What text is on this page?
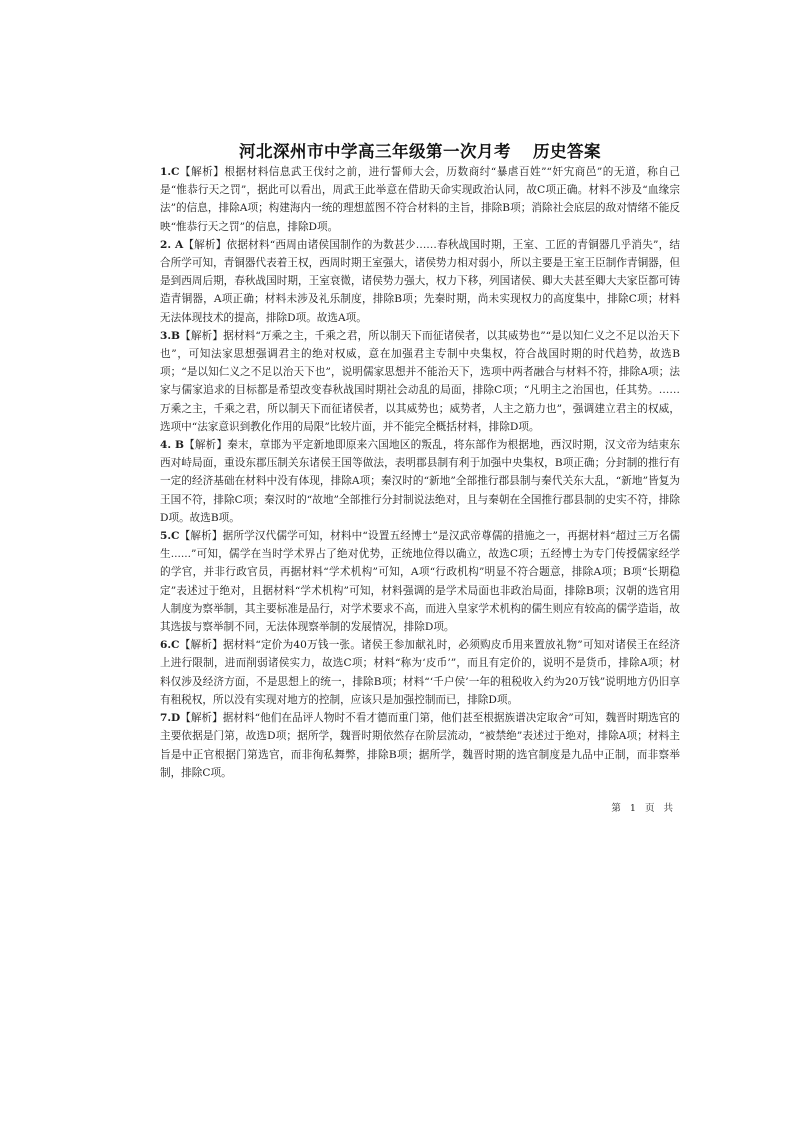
河北深州市中学高三年级第一次月考 历史答案

1.C【解析】根据材料信息武王伐纣之前，进行誓师大会，历数商纣“暴虐百姓”“奸宄商邑”的无道，称自己是“惟恭行天之罚”，据此可以看出，周武王此举意在借助天命实现政治认同，故C项正确。材料不涉及“血缘宗法”的信息，排除A项；构建海内一统的理想蓝图不符合材料的主旨，排除B项；消除社会底层的敌对情绪不能反映“惟恭行天之罚”的信息，排除D项。

2. A【解析】依据材料“西周由诸侯国制作的为数甚少……春秋战国时期，王室、工匠的青铜器几乎消失”，结合所学可知，青铜器代表着王权，西周时期王室强大，诸侯势力相对弱小，所以主要是王室王臣制作青铜器，但是到西周后期，春秋战国时期，王室衰微，诸侯势力强大，权力下移，列国诸侯、卿大夫甚至卿大夫家臣都可铸造青铜器，A项正确；材料未涉及礼乐制度，排除B项；先秦时期，尚未实现权力的高度集中，排除C项；材料无法体现技术的提高，排除D项。故选A项。

3.B【解析】据材料“万乘之主，千乘之君，所以制天下而征诸侯者，以其威势也”“是以知仁义之不足以治天下也”，可知法家思想强调君主的绝对权威，意在加强君主专制中央集权，符合战国时期的时代趋势，故选B项；“是以知仁义之不足以治天下也”，说明儒家思想并不能治天下，选项中两者融合与材料不符，排除A项；法家与儒家追求的目标都是希望改变春秋战国时期社会动乱的局面，排除C项；“凡明主之治国也，任其势。……万乘之主，千乘之君，所以制天下而征诸侯者，以其威势也；威势者，人主之筋力也”，强调建立君主的权威，选项中“法家意识到教化作用的局限”比较片面，并不能完全概括材料，排除D项。

4. B【解析】秦末，章邯为平定新地即原来六国地区的叛乱，将东部作为根据地，西汉时期，汉文帝为结束东西对峙局面，重设东郡压制关东诸侯王国等做法，表明郡县制有利于加强中央集权，B项正确；分封制的推行有一定的经济基础在材料中没有体现，排除A项；秦汉时的“新地”全部推行郡县制与秦代关东大乱，“新地”皆复为王国不符，排除C项；秦汉时的“故地”全部推行分封制说法绝对，且与秦朝在全国推行郡县制的史实不符，排除D项。故选B项。

5.C【解析】据所学汉代儒学可知，材料中“设置五经博士”是汉武帝尊儒的措施之一，再据材料“超过三万名儒生......”可知，儒学在当时学术界占了绝对优势，正统地位得以确立，故选C项；五经博士为专门传授儒家经学的学官，并非行政官员，再据材料“学术机构”可知，A项“行政机构”明显不符合题意，排除A项；B项“长期稳定”表述过于绝对，且据材料“学术机构”可知，材料强调的是学术局面也非政治局面，排除B项；汉朝的选官用人制度为察举制，其主要标准是品行，对学术要求不高，而进入皇家学术机构的儒生则应有较高的儒学造诣，故其选拔与察举制不同，无法体现察举制的发展情况，排除D项。

6.C【解析】据材料“定价为40万钱一张。诸侯王参加献礼时，必须购皮币用来置放礼物”可知对诸侯王在经济上进行限制，进而削弱诸侯实力，故选C项；材料“称为‘皮币’”，而且有定价的，说明不是货币，排除A项；材料仅涉及经济方面，不是思想上的统一，排除B项；材料“‘千户侯’一年的租税收入约为20万钱”说明地方仍旧享有租税权，所以没有实现对地方的控制，应该只是加强控制而已，排除D项。

7.D【解析】据材料“他们在品评人物时不看才德而重门第，他们甚至根据族谱决定取舍”可知，魏晋时期选官的主要依据是门第，故选D项；据所学，魏晋时期依然存在阶层流动，“被禁绝”表述过于绝对，排除A项；材料主旨是中正官根据门第选官，而非徇私舞弊，排除B项；据所学，魏晋时期的选官制度是九品中正制，而非察举制，排除C项。

第 1 页 共
